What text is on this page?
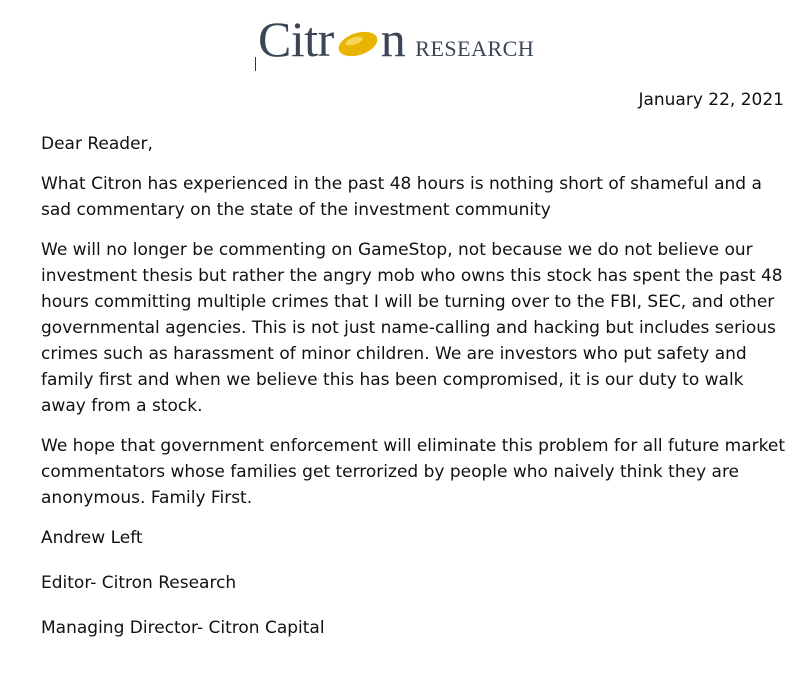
Citr n RESEARCH
January 22, 2021

Dear Reader,

What Citron has experienced in the past 48 hours is nothing short of shameful and a sad commentary on the state of the investment community

We will no longer be commenting on GameStop, not because we do not believe our investment thesis but rather the angry mob who owns this stock has spent the past 48 hours committing multiple crimes that I will be turning over to the FBI, SEC, and other governmental agencies. This is not just name-calling and hacking but includes serious crimes such as harassment of minor children. We are investors who put safety and family first and when we believe this has been compromised, it is our duty to walk away from a stock.

We hope that government enforcement will eliminate this problem for all future market commentators whose families get terrorized by people who naively think they are anonymous. Family First.

Andrew Left

Editor- Citron Research

Managing Director- Citron Capital
